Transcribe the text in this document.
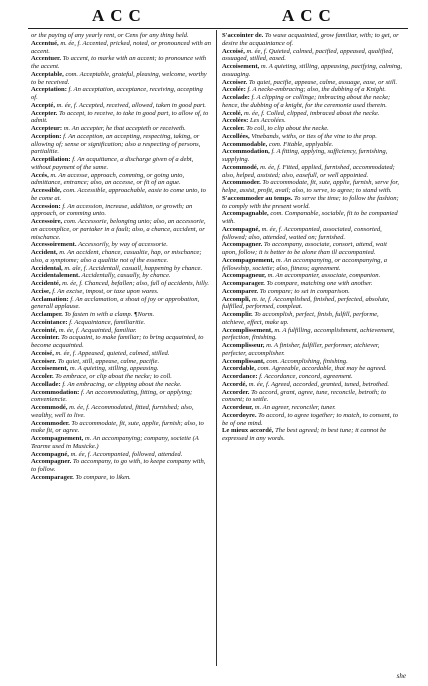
ACC	ACC

or the paying of any yearly rent, or Cens for any thing held.

Accentué, m. ée, f. Accented, pricked, noted, or pronounced with an accent.

Accentuer. To accent, to marke with an accent; to pronounce with the accent.

Acceptable, com. Acceptable, grateful, pleasing, welcome, worthy to be received.

Acceptation: f. An acceptation, acceptance, receiving, accepting of.

Accepté, m. ée, f. Accepted, received, allowed, taken in good part.

Accepter. To accept, to receive, to take in good part, to allow of, to admit.

Accepteur: m. An accepter, he that accepteth or receiveth.

Acception: f. An acception, an accepting, respecting, taking, or allowing of; sense or signification; also a respecting of persons, partialitie.

Acceptilation: f. An acquittance, a discharge given of a debt, without payment of the same.

Accés, m. An accesse, approach, comming, or going unto, admittance, entrance; also, an accesse, or fit of an ague.

Accessible, com. Accessible, approachable, easie to come unto, to be come at.

Accession: f. An accession, increase, addition, or growth; an approach, or comming unto.

Accessoire, com. Accessorie, belonging unto; also, an accessorie, an accomplice, or partaker in a fault; also, a chance, accident, or mischance.

Accessoirement. Accessorily, by way of accessorie.

Accident, m. An accident, chance, casualtie, hap, or mischance; also, a symptome; also a qualitie not of the essence.

Accidental, m. ale, f. Accidentall, casuall, happening by chance.

Accidentalement. Accidentally, casually, by chance.

Accidenté, m. ée, f. Chanced, befallen; also, full of accidents, hilly.

Accise, f. An excise, impost, or taxe upon wares.

Acclamation: f. An acclamation, a shout of joy or approbation, generall applause.

Acclamper. To fasten in with a clamp. ¶Norm.

Accointance: f. Acquaintance, familiaritie.

Accointé, m. ée, f. Acquainted, familiar.

Accointer. To acquaint, to make familiar; to bring acquainted, to become acquainted.

Accoisé, m. ée, f. Appeased, quieted, calmed, stilled.

Accoiser. To quiet, still, appease, calme, pacifie.

Accoisement, m. A quieting, stilling, appeasing.

Accoler. To embrace, or clip about the necke; to coll.

Accollade: f. An embracing, or clipping about the necke.

Accommodation: f. An accommodating, fitting, or applying; conveniencie.

Accommodé, m. ée, f. Accommodated, fitted, furnished; also, wealthy, well to live.

Accommoder. To accommodate, fit, sute, applie, furnish; also, to make fit, or agree.

Accompagnement, m. An accompanying; company, societie (A Tearme used in Musicke.)

Accompagné, m. ée, f. Accompanied, followed, attended.

Accompagner. To accompany, to go with, to keepe company with, to follow.

Accomparager. To compare, to liken.

S'accointer de. To waxe acquainted, grow familiar, with; to get, or desire the acquaintance of.

Accoisé, m. ée, f. Quieted, calmed, pacified, appeased, qualified, assuaged, stilled, eased.

Accoisement, m. A quieting, stilling, appeasing, pacifying, calming, assuaging.

Accoiser. To quiet, pacifie, appease, calme, assuage, ease, or still.

Accolée: f. A necke-embracing; also, the dubbing of a Knight.

Accolade: f. A clipping or collinge; imbracing about the necke; hence, the dubbing of a knight, for the ceremonie used therein.

Accolé, m. ée, f. Colled, clipped, imbraced about the necke.

Accolées: Les Accolées.

Accoler. To coll, to clip about the necke.

Accollées, Vinebands, withs, or ties of the vine to the prop.

Accommodable, com. Fitable, applyable.

Accommodation, f. A fitting, applying, sufficiency, furnishing, supplying.

Accommodé, m. ée, f. Fitted, applied, furnished, accommodated; also, helped, assisted; also, easefull, or well appointed.

Accommoder. To accommodate, fit, sute, applie, furnish, serve for, helpe, assist, profit, avail; also, to serve, to agree; to stand with.

S'accommoder au temps. To serve the time; to follow the fashion; to comply with the present world.

Accompagnable, com. Companable, sociable, fit to be companied with.

Accompagné, m. ée, f. Accompanied, associated, consorted, followed; also, attended, waited on; furnished.

Accompagner. To accompany, associate, consort, attend, wait upon, follow; it is better to be alone than ill accompanied.

Accompagnement, m. An accompanying, or accompanying, a fellowship, societie; also, fitness; agreement.

Accompagneur, m. An accompanier, associate, companion.

Accomparager. To compare, matching one with another.

Accomparer. To compare; to set in comparison.

Accompli, m. ie, f. Accomplished, finished, perfected, absolute, fulfilled, performed, compleat.

Accomplir. To accomplish, perfect, finish, fulfill, performe, atchieve, effect, make up.

Accomplissement, m. A fulfilling, accomplishment, achievement, perfection, finishing.

Accomplisseur, m. A finisher, fulfiller, performer, atchiever, perfecter, accomplisher.

Accomplissant, com. Accomplishing, finishing.

Accordable, com. Agreeable, accordable, that may be agreed.

Accordance: f. Accordance, concord, agreement.

Accordé, m. ée, f. Agreed, accorded, granted, tuned, betrothed.

Accorder. To accord, grant, agree, tune, reconcile, betroth; to consent; to settle.

Accordeur, m. An agreer, reconciler, tuner.

Accordoyre. To accord, to agree together; to match, to consent, to be of one mind.

Le mieux accordé, The best agreed; in best tune; it cannot be expressed in any words.

she
